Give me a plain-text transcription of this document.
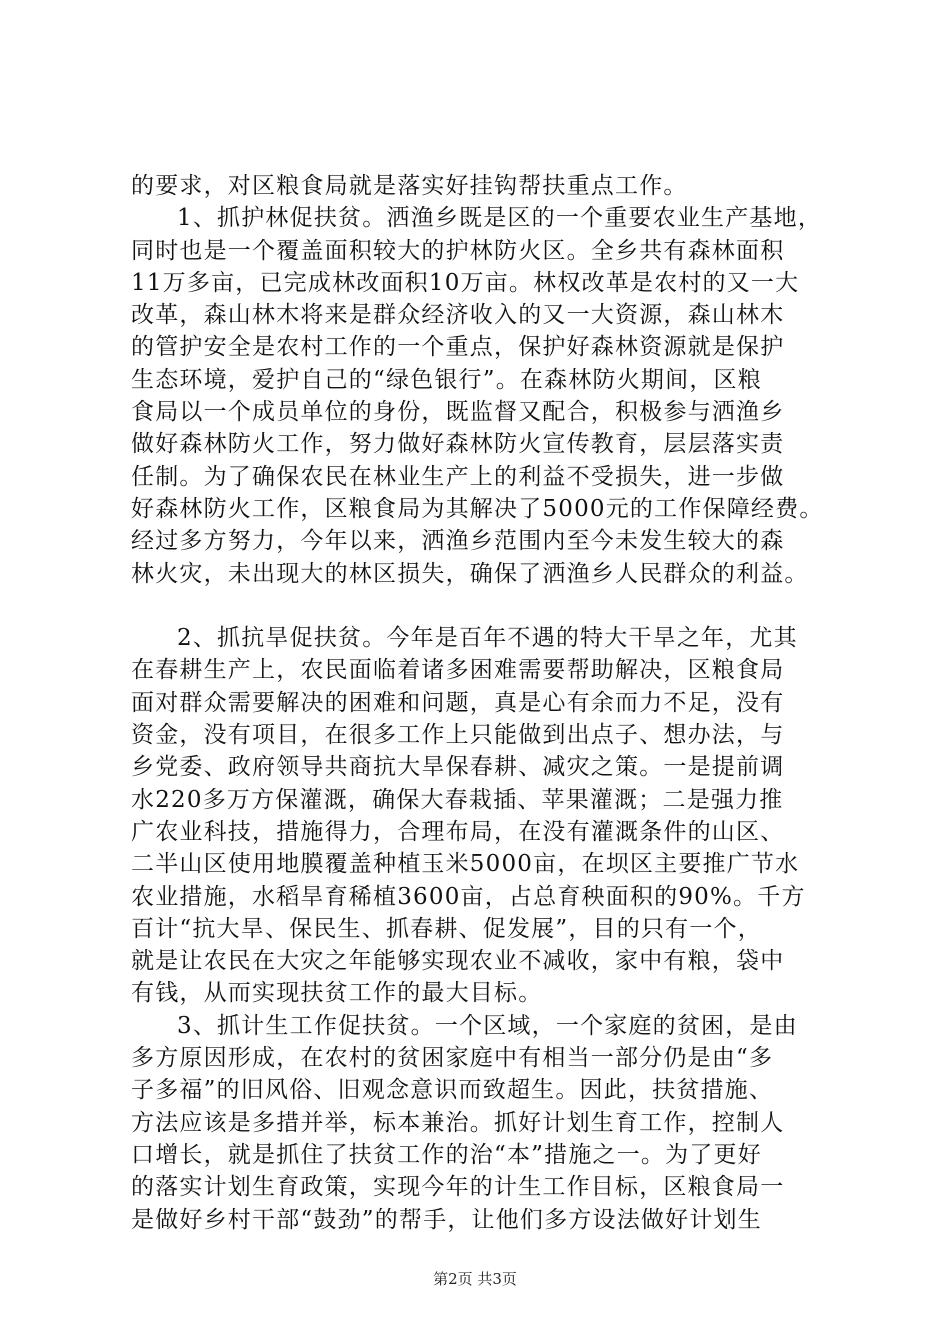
的要求，对区粮食局就是落实好挂钩帮扶重点工作。
1、抓护林促扶贫。洒渔乡既是区的一个重要农业生产基地，
同时也是一个覆盖面积较大的护林防火区。全乡共有森林面积
11万多亩，已完成林改面积10万亩。林权改革是农村的又一大
改革，森山林木将来是群众经济收入的又一大资源，森山林木
的管护安全是农村工作的一个重点，保护好森林资源就是保护
生态环境，爱护自己的“绿色银行”。在森林防火期间，区粮
食局以一个成员单位的身份，既监督又配合，积极参与洒渔乡
做好森林防火工作，努力做好森林防火宣传教育，层层落实责
任制。为了确保农民在林业生产上的利益不受损失，进一步做
好森林防火工作，区粮食局为其解决了5000元的工作保障经费。
经过多方努力，今年以来，洒渔乡范围内至今未发生较大的森
林火灾，未出现大的林区损失，确保了洒渔乡人民群众的利益。
2、抓抗旱促扶贫。今年是百年不遇的特大干旱之年，尤其
在春耕生产上，农民面临着诸多困难需要帮助解决，区粮食局
面对群众需要解决的困难和问题，真是心有余而力不足，没有
资金，没有项目，在很多工作上只能做到出点子、想办法，与
乡党委、政府领导共商抗大旱保春耕、减灾之策。一是提前调
水220多万方保灌溉，确保大春栽插、苹果灌溉；二是强力推
广农业科技，措施得力，合理布局，在没有灌溉条件的山区、
二半山区使用地膜覆盖种植玉米5000亩，在坝区主要推广节水
农业措施，水稻旱育稀植3600亩，占总育秧面积的90%。千方
百计“抗大旱、保民生、抓春耕、促发展”，目的只有一个，
就是让农民在大灾之年能够实现农业不减收，家中有粮，袋中
有钱，从而实现扶贫工作的最大目标。
3、抓计生工作促扶贫。一个区域，一个家庭的贫困，是由
多方原因形成，在农村的贫困家庭中有相当一部分仍是由“多
子多福”的旧风俗、旧观念意识而致超生。因此，扶贫措施、
方法应该是多措并举，标本兼治。抓好计划生育工作，控制人
口增长，就是抓住了扶贫工作的治“本”措施之一。为了更好
的落实计划生育政策，实现今年的计生工作目标，区粮食局一
是做好乡村干部“鼓劲”的帮手，让他们多方设法做好计划生
第2页 共3页
